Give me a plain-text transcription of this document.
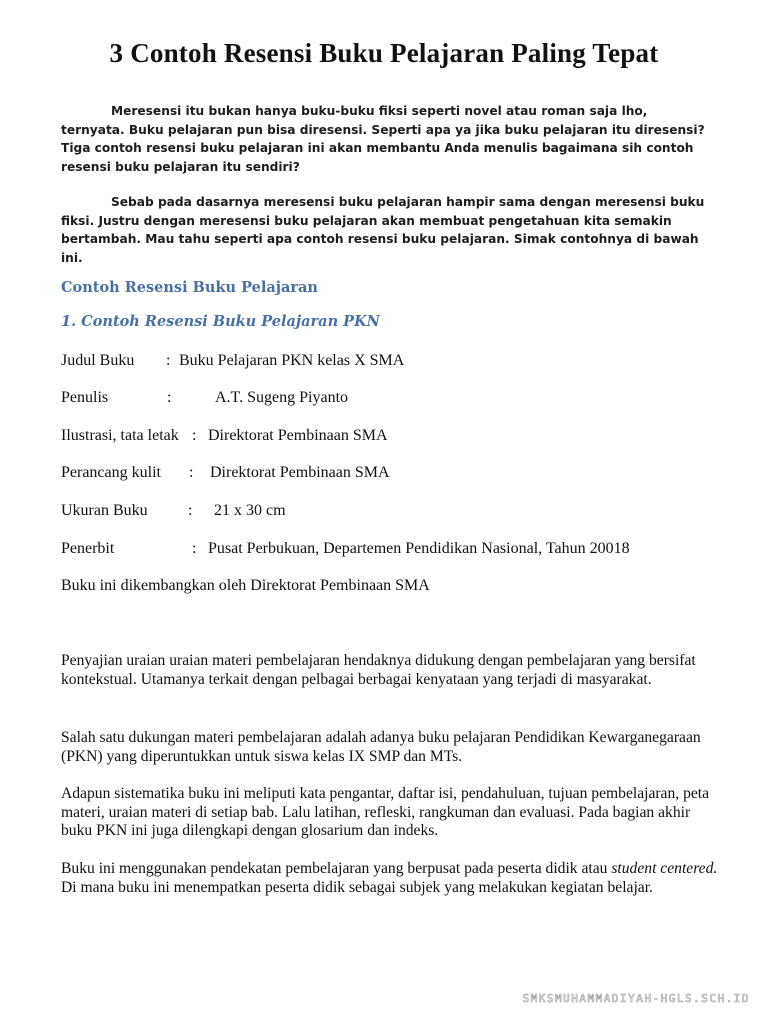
3 Contoh Resensi Buku Pelajaran Paling Tepat

Meresensi itu bukan hanya buku-buku fiksi seperti novel atau roman saja lho, ternyata. Buku pelajaran pun bisa diresensi. Seperti apa ya jika buku pelajaran itu diresensi? Tiga contoh resensi buku pelajaran ini akan membantu Anda menulis bagaimana sih contoh resensi buku pelajaran itu sendiri?

Sebab pada dasarnya meresensi buku pelajaran hampir sama dengan meresensi buku fiksi. Justru dengan meresensi buku pelajaran akan membuat pengetahuan kita semakin bertambah. Mau tahu seperti apa contoh resensi buku pelajaran. Simak contohnya di bawah ini.

Contoh Resensi Buku Pelajaran
1. Contoh Resensi Buku Pelajaran PKN
Judul Buku : Buku Pelajaran PKN kelas X SMA
Penulis	:	A.T. Sugeng Piyanto
Ilustrasi, tata letak : Direktorat Pembinaan SMA
Perancang kulit : Direktorat Pembinaan SMA
Ukuran Buku	: 21 x 30 cm
Penerbit	: Pusat Perbukuan, Departemen Pendidikan Nasional, Tahun 20018

Buku ini dikembangkan oleh Direktorat Pembinaan SMA

Penyajian uraian uraian materi pembelajaran hendaknya didukung dengan pembelajaran yang bersifat kontekstual. Utamanya terkait dengan pelbagai berbagai kenyataan yang terjadi di masyarakat.

Salah satu dukungan materi pembelajaran adalah adanya buku pelajaran Pendidikan Kewarganegaraan (PKN) yang diperuntukkan untuk siswa kelas IX SMP dan MTs.

Adapun sistematika buku ini meliputi kata pengantar, daftar isi, pendahuluan, tujuan pembelajaran, peta materi, uraian materi di setiap bab. Lalu latihan, refleski, rangkuman dan evaluasi. Pada bagian akhir buku PKN ini juga dilengkapi dengan glosarium dan indeks.

Buku ini menggunakan pendekatan pembelajaran yang berpusat pada peserta didik atau student centered. Di mana buku ini menempatkan peserta didik sebagai subjek yang melakukan kegiatan belajar.

SMKSMUHAMMADIYAH-HGLS.SCH.ID
